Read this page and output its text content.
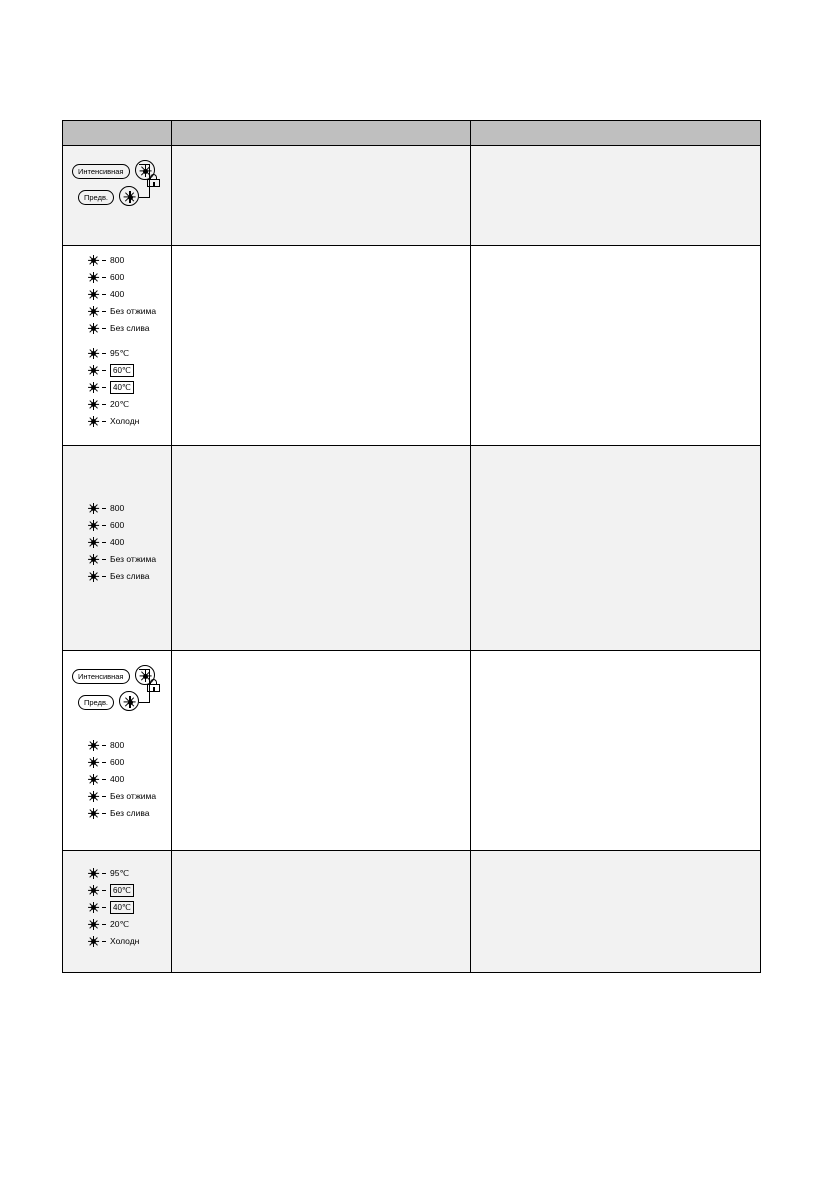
Интенсивная
Предв.		

800
600
400
Без отжима
Без слива
95℃
60℃
40℃
20℃
Холодн

800
600
400
Без отжима
Без слива

Интенсивная
Предв.
800
600
400
Без отжима
Без слива

95℃
60℃
40℃
20℃
Холодн
